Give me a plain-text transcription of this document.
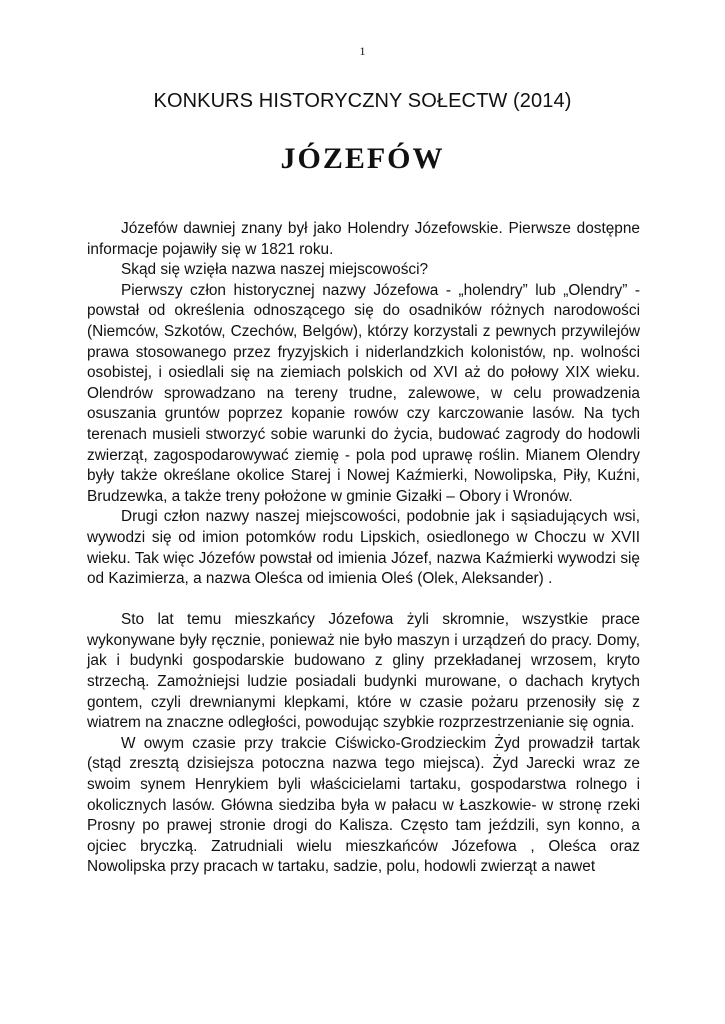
1
KONKURS HISTORYCZNY SOŁECTW (2014)
JÓZEFÓW

Józefów dawniej znany był jako Holendry Józefowskie. Pierwsze dostępne informacje pojawiły się w 1821 roku.

Skąd się wzięła nazwa naszej miejscowości?

Pierwszy człon historycznej nazwy Józefowa - „holendry” lub „Olendry” - powstał od określenia odnoszącego się do osadników różnych narodowości (Niemców, Szkotów, Czechów, Belgów), którzy korzystali z pewnych przywilejów prawa stosowanego przez fryzyjskich i niderlandzkich kolonistów, np. wolności osobistej, i osiedlali się na ziemiach polskich od XVI aż do połowy XIX wieku. Olendrów sprowadzano na tereny trudne, zalewowe, w celu prowadzenia osuszania gruntów poprzez kopanie rowów czy karczowanie lasów. Na tych terenach musieli stworzyć sobie warunki do życia, budować zagrody do hodowli zwierząt, zagospodarowywać ziemię - pola pod uprawę roślin. Mianem Olendry były także określane okolice Starej i Nowej Kaźmierki, Nowolipska, Piły, Kuźni, Brudzewka, a także treny położone w gminie Gizałki – Obory i Wronów.

Drugi człon nazwy naszej miejscowości, podobnie jak i sąsiadujących wsi, wywodzi się od imion potomków rodu Lipskich, osiedlonego w Choczu w XVII wieku. Tak więc Józefów powstał od imienia Józef, nazwa Kaźmierki wywodzi się od Kazimierza, a nazwa Oleśca od imienia Oleś (Olek, Aleksander) .

Sto lat temu mieszkańcy Józefowa żyli skromnie, wszystkie prace wykonywane były ręcznie, ponieważ nie było maszyn i urządzeń do pracy. Domy, jak i budynki gospodarskie budowano z gliny przekładanej wrzosem, kryto strzechą. Zamożniejsi ludzie posiadali budynki murowane, o dachach krytych gontem, czyli drewnianymi klepkami, które w czasie pożaru przenosiły się z wiatrem na znaczne odległości, powodując szybkie rozprzestrzenianie się ognia.

W owym czasie przy trakcie Ciświcko-Grodzieckim Żyd prowadził tartak (stąd zresztą dzisiejsza potoczna nazwa tego miejsca). Żyd Jarecki wraz ze swoim synem Henrykiem byli właścicielami tartaku, gospodarstwa rolnego i okolicznych lasów. Główna siedziba była w pałacu w Łaszkowie- w stronę rzeki Prosny po prawej stronie drogi do Kalisza. Często tam jeździli, syn konno, a ojciec bryczką. Zatrudniali wielu mieszkańców Józefowa , Oleśca oraz Nowolipska przy pracach w tartaku, sadzie, polu, hodowli zwierząt a nawet
